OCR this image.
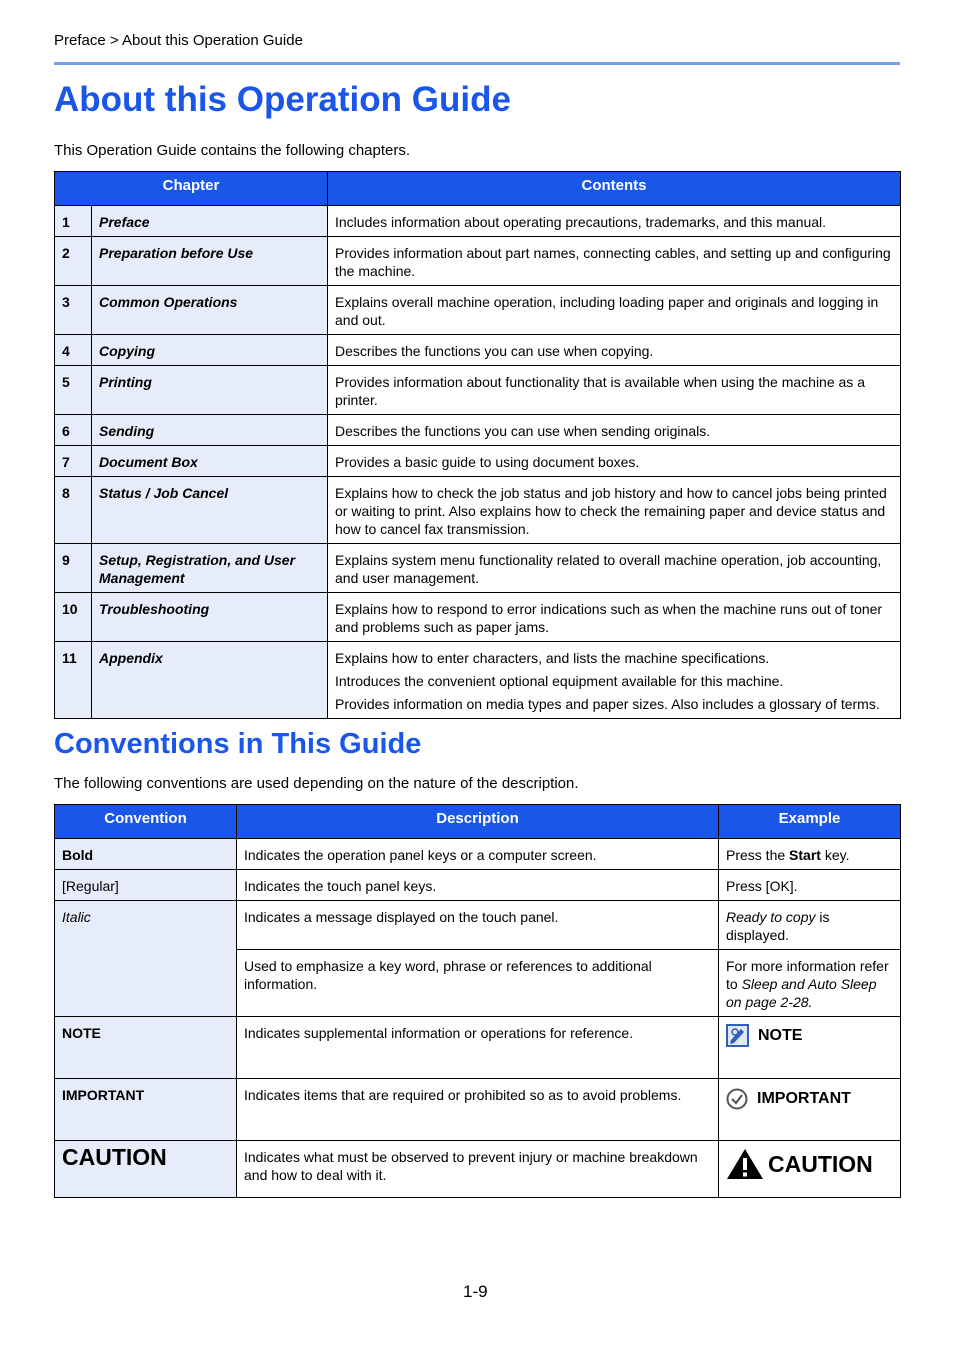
Preface > About this Operation Guide
About this Operation Guide
This Operation Guide contains the following chapters.
Chapter		Contents
1	Preface	Includes information about operating precautions, trademarks, and this manual.

2	Preparation before Use	Provides information about part names, connecting cables, and setting up and configuring the machine.

3	Common Operations	Explains overall machine operation, including loading paper and originals and logging in and out.

4	Copying	Describes the functions you can use when copying.

5	Printing	Provides information about functionality that is available when using the machine as a printer.

6	Sending	Describes the functions you can use when sending originals.

7	Document Box	Provides a basic guide to using document boxes.

8	Status / Job Cancel	Explains how to check the job status and job history and how to cancel jobs being printed or waiting to print. Also explains how to check the remaining paper and device status and how to cancel fax transmission.

9	Setup, Registration, and User Management	Explains system menu functionality related to overall machine operation, job accounting, and user management.

10	Troubleshooting	Explains how to respond to error indications such as when the machine runs out of toner and problems such as paper jams.

11	Appendix	Explains how to enter characters, and lists the machine specifications.
Introduces the convenient optional equipment available for this machine.
Provides information on media types and paper sizes. Also includes a glossary of terms.
Conventions in This Guide
The following conventions are used depending on the nature of the description.
Convention	Description	Example
Bold	Indicates the operation panel keys or a computer screen.	Press the Start key.
[Regular]	Indicates the touch panel keys.	Press [OK].
Italic	Indicates a message displayed on the touch panel.	Ready to copy is displayed.
	Used to emphasize a key word, phrase or references to additional information.	For more information refer to Sleep and Auto Sleep on page 2-28.
NOTE	Indicates supplemental information or operations for reference.	NOTE

IMPORTANT	Indicates items that are required or prohibited so as to avoid problems.	IMPORTANT

CAUTION	Indicates what must be observed to prevent injury or machine breakdown and how to deal with it.	CAUTION
1-9
